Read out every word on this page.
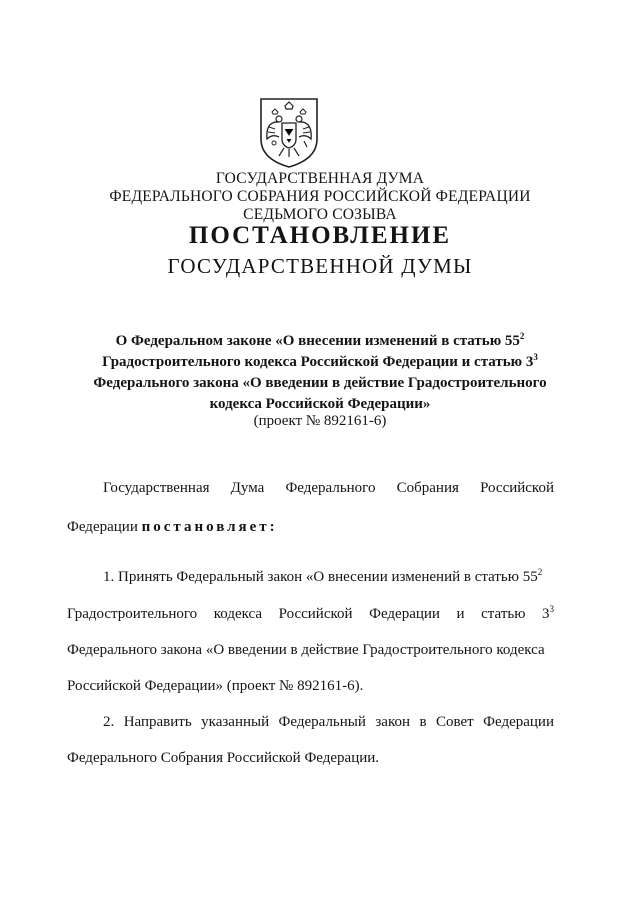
ГОСУДАРСТВЕННАЯ ДУМА
ФЕДЕРАЛЬНОГО СОБРАНИЯ РОССИЙСКОЙ ФЕДЕРАЦИИ
СЕДЬМОГО СОЗЫВА
ПОСТАНОВЛЕНИЕ
ГОСУДАРСТВЕННОЙ ДУМЫ
О Федеральном законе «О внесении изменений в статью $55^2$
Градостроительного кодекса Российской Федерации и статью $3^3$
Федерального закона «О введении в действие Градостроительного
кодекса Российской Федерации»
(проект № 892161-6)
Государственная Дума Федерального Собрания Российской
Федерации постановляет:
1. Принять Федеральный закон «О внесении изменений в статью $55^2$
Градостроительного кодекса Российской Федерации и статью $3^3$
Федерального закона «О введении в действие Градостроительного кодекса
Российской Федерации» (проект № 892161-6).
2. Направить указанный Федеральный закон в Совет Федерации
Федерального Собрания Российской Федерации.
